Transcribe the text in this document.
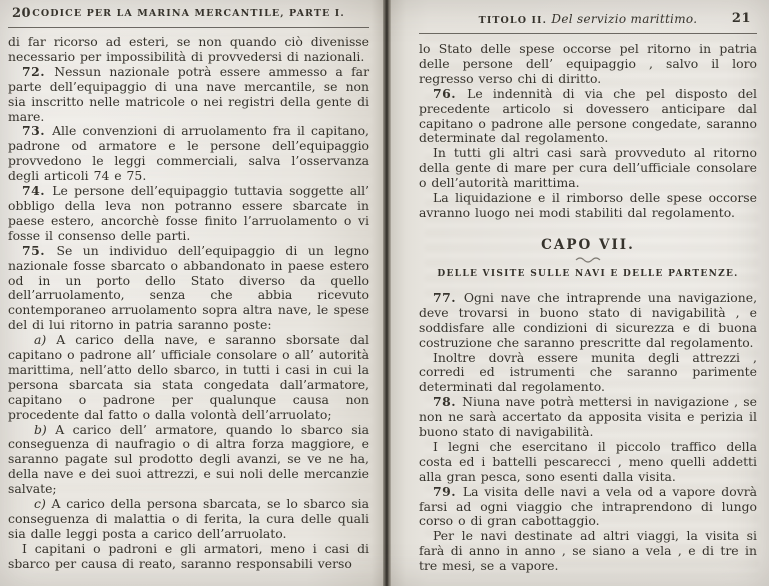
20 CODICE PER LA MARINA MERCANTILE, PARTE I.

di far ricorso ad esteri, se non quando ciò divenisse necessario per impossibilità di provvedersi di nazionali.

72. Nessun nazionale potrà essere ammesso a far parte dell’equipaggio di una nave mercantile, se non sia inscritto nelle matricole o nei registri della gente di mare.

73. Alle convenzioni di arruolamento fra il capitano, padrone od armatore e le persone dell’equipaggio provvedono le leggi commerciali, salva l’osservanza degli articoli 74 e 75.

74. Le persone dell’equipaggio tuttavia soggette all’ obbligo della leva non potranno essere sbarcate in paese estero, ancorchè fosse finito l’arruolamento o vi fosse il consenso delle parti.

75. Se un individuo dell’equipaggio di un legno nazionale fosse sbarcato o abbandonato in paese estero od in un porto dello Stato diverso da quello dell’arruolamento, senza che abbia ricevuto contemporaneo arruolamento sopra altra nave, le spese del di lui ritorno in patria saranno poste:

a) A carico della nave, e saranno sborsate dal capitano o padrone all’ ufficiale consolare o all’ autorità marittima, nell’atto dello sbarco, in tutti i casi in cui la persona sbarcata sia stata congedata dall’armatore, capitano o padrone per qualunque causa non procedente dal fatto o dalla volontà dell’arruolato;

b) A carico dell’ armatore, quando lo sbarco sia conseguenza di naufragio o di altra forza maggiore, e saranno pagate sul prodotto degli avanzi, se ve ne ha, della nave e dei suoi attrezzi, e sui noli delle mercanzie salvate;

c) A carico della persona sbarcata, se lo sbarco sia conseguenza di malattia o di ferita, la cura delle quali sia dalle leggi posta a carico dell’arruolato.

I capitani o padroni e gli armatori, meno i casi di sbarco per causa di reato, saranno responsabili verso

TITOLO II. Del servizio marittimo.	21

lo Stato delle spese occorse pel ritorno in patria delle persone dell’ equipaggio , salvo il loro regresso verso chi di diritto.

76. Le indennità di via che pel disposto del precedente articolo si dovessero anticipare dal capitano o padrone alle persone congedate, saranno determinate dal regolamento.

In tutti gli altri casi sarà provveduto al ritorno della gente di mare per cura dell’ufficiale consolare o dell’autorità marittima.

La liquidazione e il rimborso delle spese occorse avranno luogo nei modi stabiliti dal regolamento.

CAPO VII.
DELLE VISITE SULLE NAVI E DELLE PARTENZE.

77. Ogni nave che intraprende una navigazione, deve trovarsi in buono stato di navigabilità , e soddisfare alle condizioni di sicurezza e di buona costruzione che saranno prescritte dal regolamento.

Inoltre dovrà essere munita degli attrezzi , corredi ed istrumenti che saranno parimente determinati dal regolamento.

78. Niuna nave potrà mettersi in navigazione , se non ne sarà accertato da apposita visita e perizia il buono stato di navigabilità.

I legni che esercitano il piccolo traffico della costa ed i battelli pescarecci , meno quelli addetti alla gran pesca, sono esenti dalla visita.

79. La visita delle navi a vela od a vapore dovrà farsi ad ogni viaggio che intraprendono di lungo corso o di gran cabottaggio.

Per le navi destinate ad altri viaggi, la visita si farà di anno in anno , se siano a vela , e di tre in tre mesi, se a vapore.
